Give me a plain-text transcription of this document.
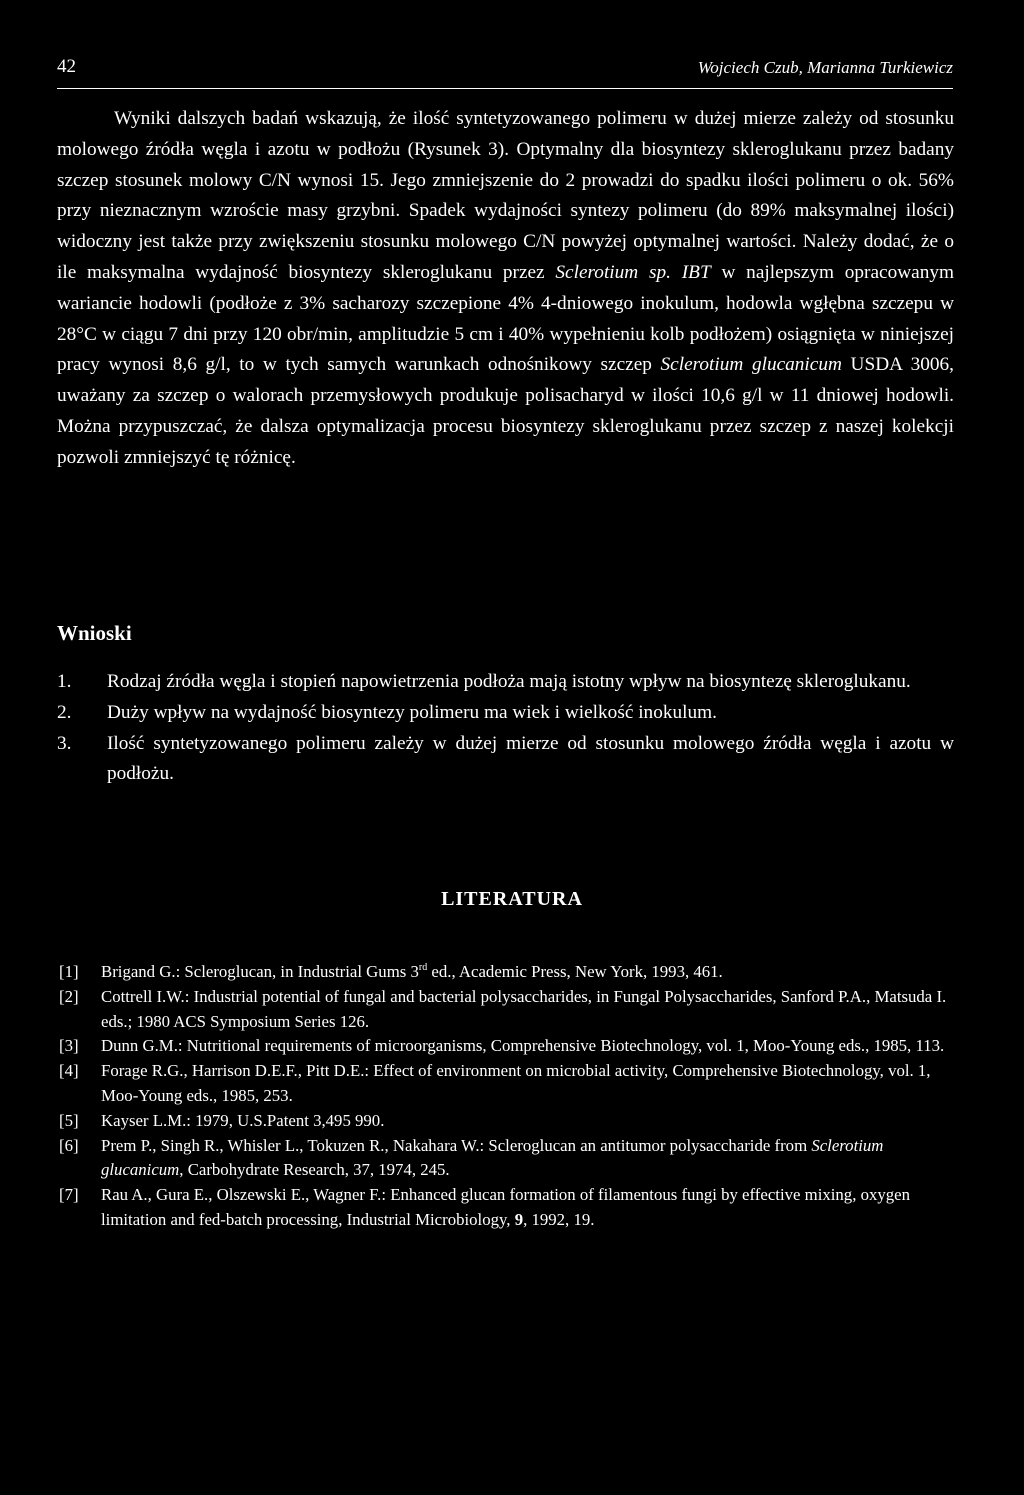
42	Wojciech Czub, Marianna Turkiewicz

Wyniki dalszych badań wskazują, że ilość syntetyzowanego polimeru w dużej mierze zależy od stosunku molowego źródła węgla i azotu w podłożu (Rysunek 3). Optymalny dla biosyntezy skleroglukanu przez badany szczep stosunek molowy C/N wynosi 15. Jego zmniejszenie do 2 prowadzi do spadku ilości polimeru o ok. 56% przy nieznacznym wzroście masy grzybni. Spadek wydajności syntezy polimeru (do 89% maksymalnej ilości) widoczny jest także przy zwiększeniu stosunku molowego C/N powyżej optymalnej wartości. Należy dodać, że o ile maksymalna wydajność biosyntezy skleroglukanu przez Sclerotium sp. IBT w najlepszym opracowanym wariancie hodowli (podłoże z 3% sacharozy szczepione 4% 4-dniowego inokulum, hodowla wgłębna szczepu w 28°C w ciągu 7 dni przy 120 obr/min, amplitudzie 5 cm i 40% wypełnieniu kolb podłożem) osiągnięta w niniejszej pracy wynosi 8,6 g/l, to w tych samych warunkach odnośnikowy szczep Sclerotium glucanicum USDA 3006, uważany za szczep o walorach przemysłowych produkuje polisacharyd w ilości 10,6 g/l w 11 dniowej hodowli. Można przypuszczać, że dalsza optymalizacja procesu biosyntezy skleroglukanu przez szczep z naszej kolekcji pozwoli zmniejszyć tę różnicę.

Wnioski
1. Rodzaj źródła węgla i stopień napowietrzenia podłoża mają istotny wpływ na biosyntezę skleroglukanu.
2. Duży wpływ na wydajność biosyntezy polimeru ma wiek i wielkość inokulum.
3. Ilość syntetyzowanego polimeru zależy w dużej mierze od stosunku molowego źródła węgla i azotu w podłożu.
LITERATURA
[1] Brigand G.: Scleroglucan, in Industrial Gums 3rd ed., Academic Press, New York, 1993, 461.
[2] Cottrell I.W.: Industrial potential of fungal and bacterial polysaccharides, in Fungal Polysaccharides, Sanford P.A., Matsuda I. eds.; 1980 ACS Symposium Series 126.
[3] Dunn G.M.: Nutritional requirements of microorganisms, Comprehensive Biotechnology, vol. 1, Moo-Young eds., 1985, 113.
[4] Forage R.G., Harrison D.E.F., Pitt D.E.: Effect of environment on microbial activity, Comprehensive Biotechnology, vol. 1, Moo-Young eds., 1985, 253.
[5] Kayser L.M.: 1979, U.S.Patent 3,495 990.
[6] Prem P., Singh R., Whisler L., Tokuzen R., Nakahara W.: Scleroglucan an antitumor polysaccharide from Sclerotium glucanicum, Carbohydrate Research, 37, 1974, 245.
[7] Rau A., Gura E., Olszewski E., Wagner F.: Enhanced glucan formation of filamentous fungi by effective mixing, oxygen limitation and fed-batch processing, Industrial Microbiology, 9, 1992, 19.
